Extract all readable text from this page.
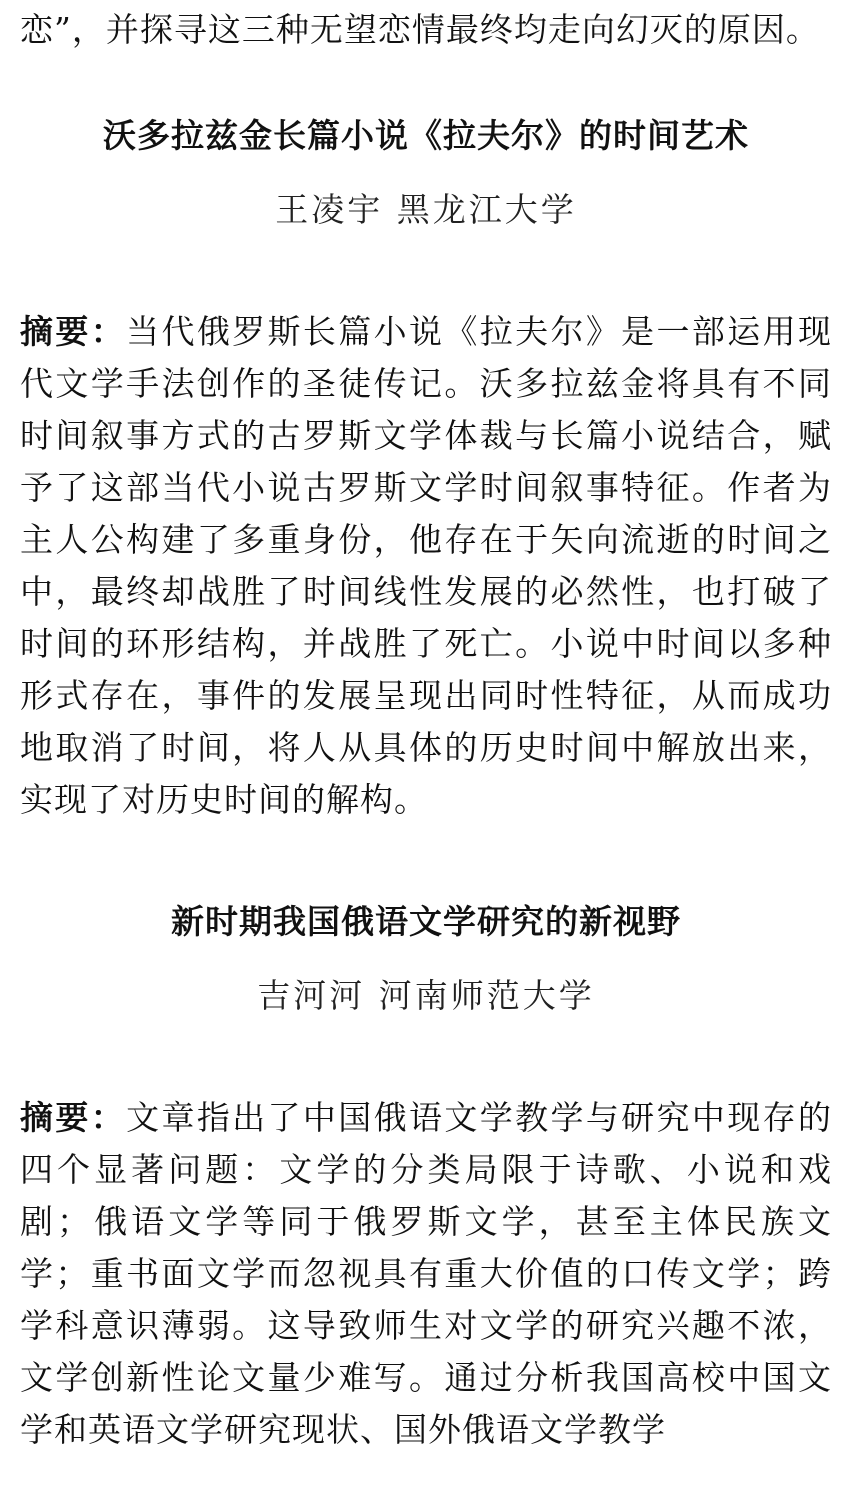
恋”，并探寻这三种无望恋情最终均走向幻灭的原因。

沃多拉兹金长篇小说《拉夫尔》的时间艺术

王凌宇 黑龙江大学

摘要：当代俄罗斯长篇小说《拉夫尔》是一部运用现代文学手法创作的圣徒传记。沃多拉兹金将具有不同时间叙事方式的古罗斯文学体裁与长篇小说结合，赋予了这部当代小说古罗斯文学时间叙事特征。作者为主人公构建了多重身份，他存在于矢向流逝的时间之中，最终却战胜了时间线性发展的必然性，也打破了时间的环形结构，并战胜了死亡。小说中时间以多种形式存在，事件的发展呈现出同时性特征，从而成功地取消了时间，将人从具体的历史时间中解放出来，实现了对历史时间的解构。

新时期我国俄语文学研究的新视野

吉河河 河南师范大学

摘要：文章指出了中国俄语文学教学与研究中现存的四个显著问题：文学的分类局限于诗歌、小说和戏剧；俄语文学等同于俄罗斯文学，甚至主体民族文学；重书面文学而忽视具有重大价值的口传文学；跨学科意识薄弱。这导致师生对文学的研究兴趣不浓，文学创新性论文量少难写。通过分析我国高校中国文学和英语文学研究现状、国外俄语文学教学
